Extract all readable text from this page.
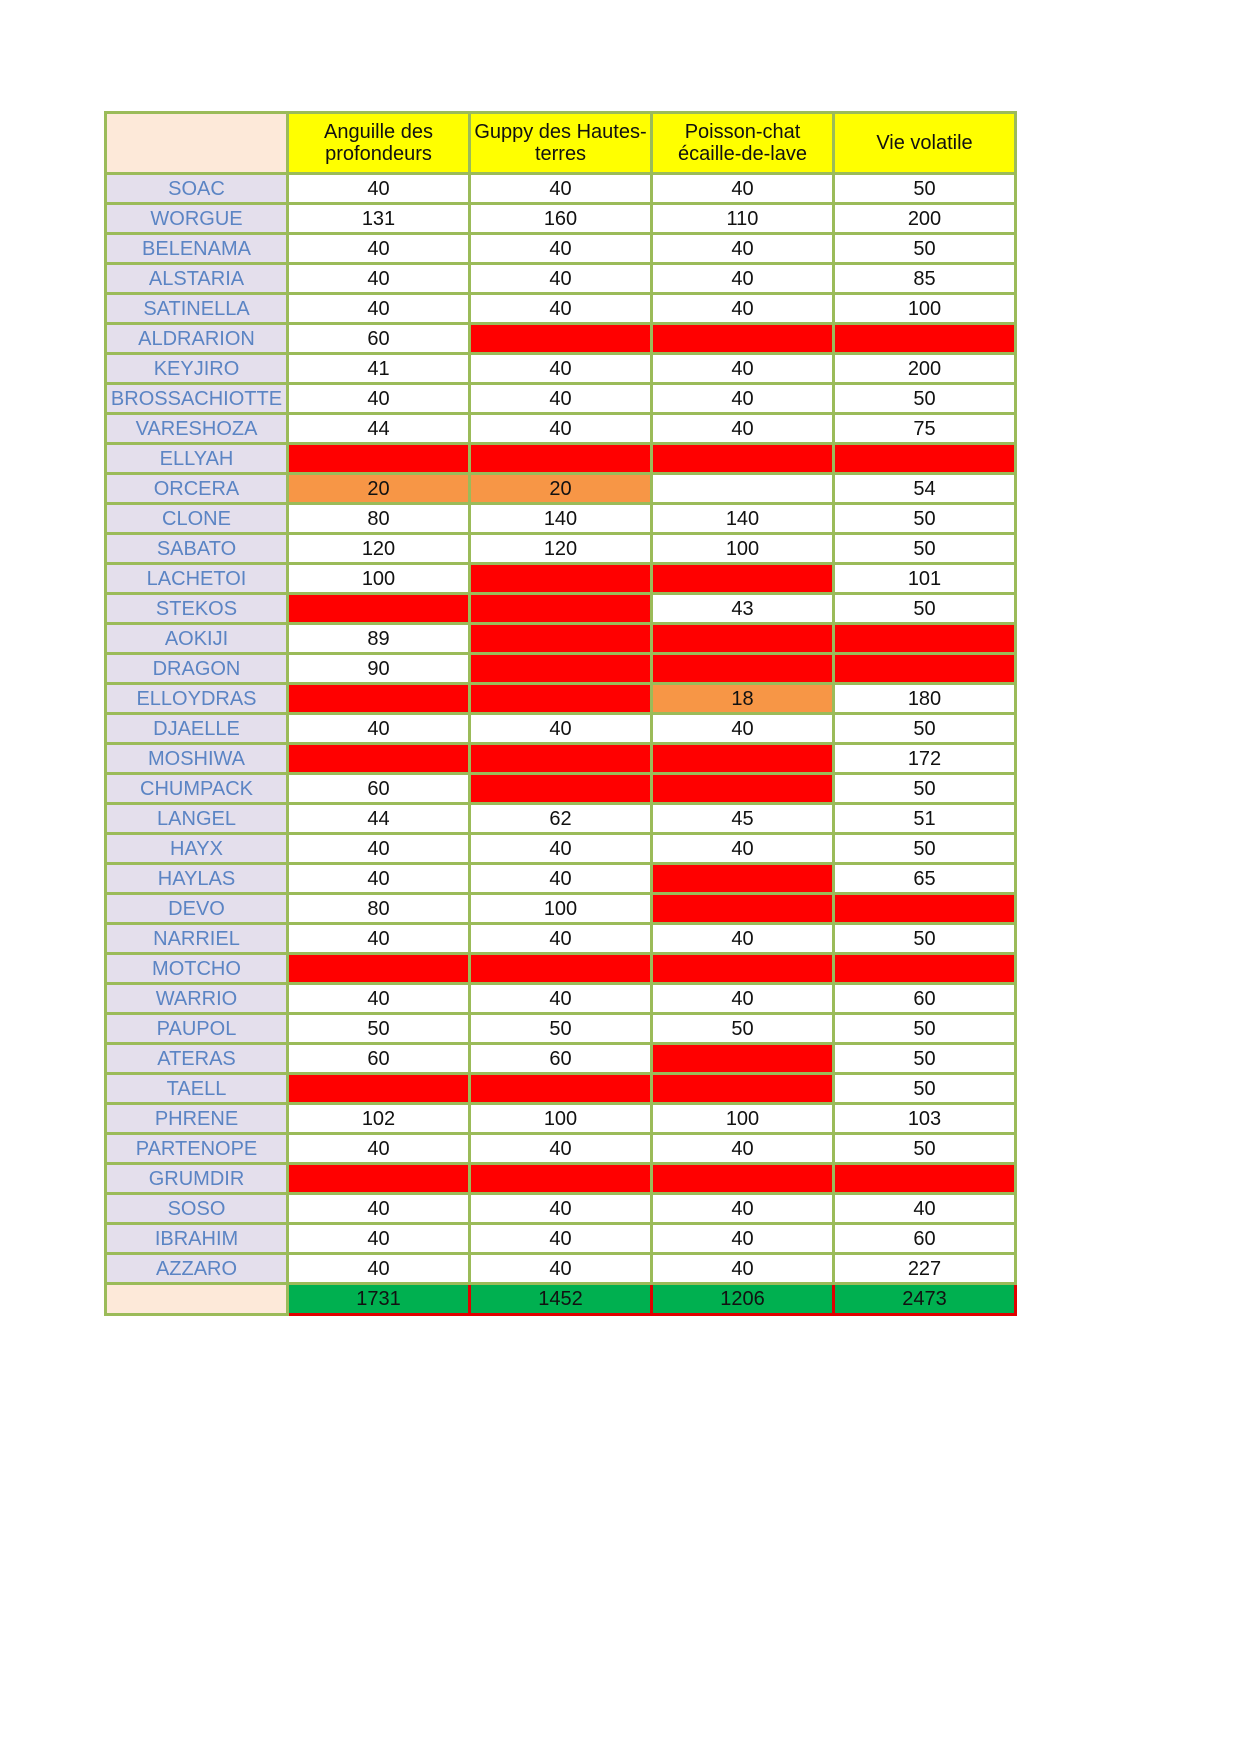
	Anguille des profondeurs	Guppy des Hautes-terres	Poisson-chat écaille-de-lave	Vie volatile
SOAC	40	40	40	50
WORGUE	131	160	110	200
BELENAMA	40	40	40	50
ALSTARIA	40	40	40	85
SATINELLA	40	40	40	100
ALDRARION	60			
KEYJIRO	41	40	40	200
BROSSACHIOTTE	40	40	40	50
VARESHOZA	44	40	40	75
ELLYAH				
ORCERA	20	20		54
CLONE	80	140	140	50
SABATO	120	120	100	50
LACHETOI	100			101
STEKOS			43	50
AOKIJI	89			
DRAGON	90			
ELLOYDRAS			18	180
DJAELLE	40	40	40	50
MOSHIWA				172
CHUMPACK	60			50
LANGEL	44	62	45	51
HAYX	40	40	40	50
HAYLAS	40	40		65
DEVO	80	100		
NARRIEL	40	40	40	50
MOTCHO				
WARRIO	40	40	40	60
PAUPOL	50	50	50	50
ATERAS	60	60		50
TAELL				50
PHRENE	102	100	100	103
PARTENOPE	40	40	40	50
GRUMDIR				
SOSO	40	40	40	40
IBRAHIM	40	40	40	60
AZZARO	40	40	40	227
	1731	1452	1206	2473
